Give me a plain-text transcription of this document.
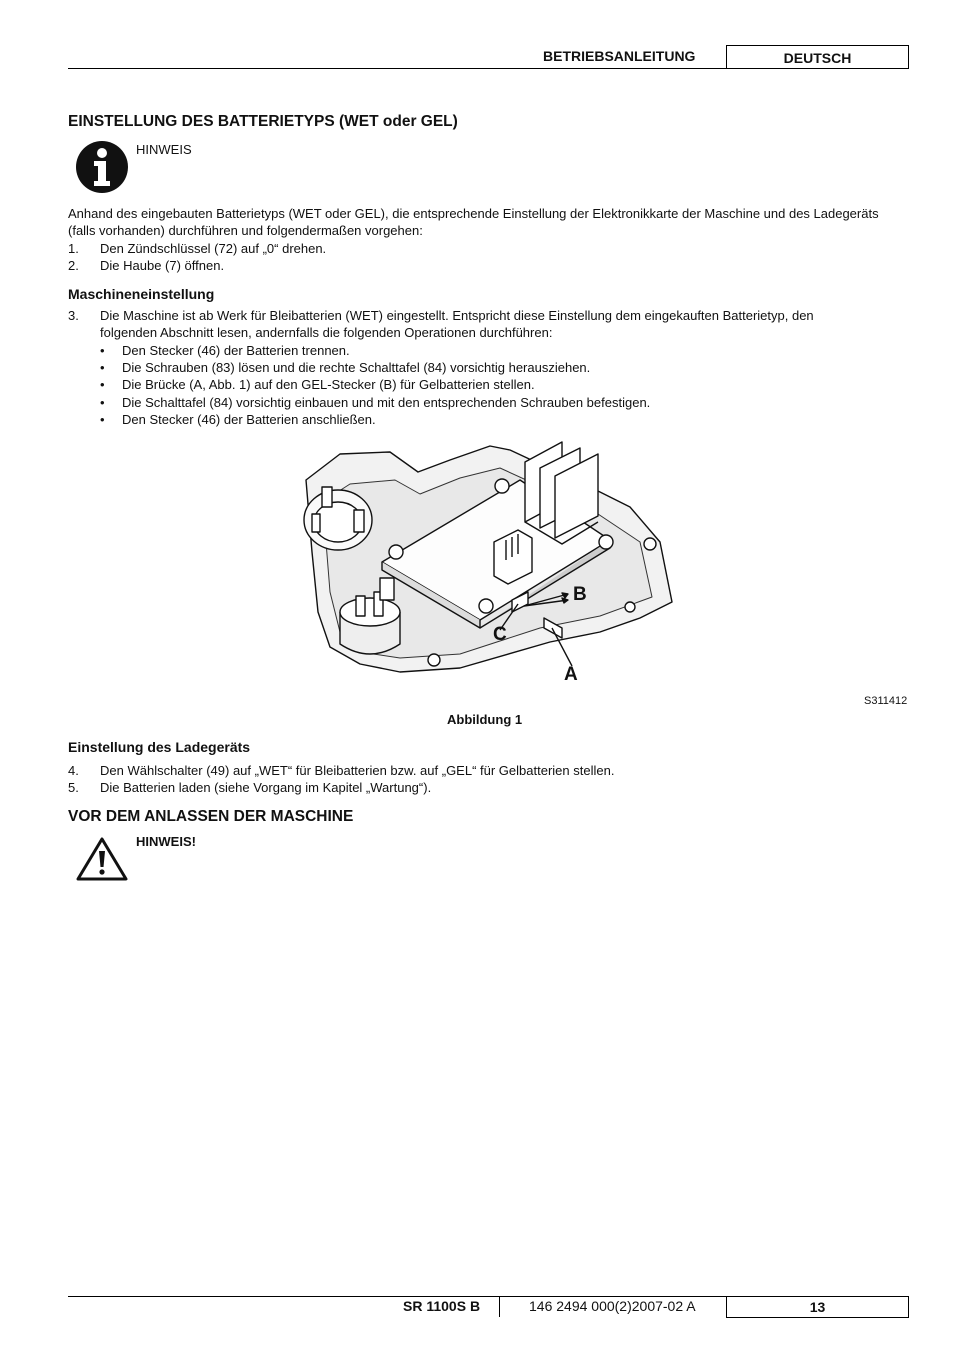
BETRIEBSANLEITUNG	DEUTSCH
EINSTELLUNG DES BATTERIETYPS (WET oder GEL)
HINWEIS

Anhand des eingebauten Batterietyps (WET oder GEL), die entsprechende Einstellung der Elektronikkarte der Maschine und des Ladegeräts (falls vorhanden) durchführen und folgendermaßen vorgehen:

1. Den Zündschlüssel (72) auf „0“ drehen.
2. Die Haube (7) öffnen.
Maschineneinstellung
3. Die Maschine ist ab Werk für Bleibatterien (WET) eingestellt. Entspricht diese Einstellung dem eingekauften Batterietyp, den
folgenden Abschnitt lesen, andernfalls die folgenden Operationen durchführen:
• Den Stecker (46) der Batterien trennen.
• Die Schrauben (83) lösen und die rechte Schalttafel (84) vorsichtig herausziehen.
• Die Brücke (A, Abb. 1) auf den GEL-Stecker (B) für Gelbatterien stellen.
• Die Schalttafel (84) vorsichtig einbauen und mit den entsprechenden Schrauben befestigen.
• Den Stecker (46) der Batterien anschließen.
B
C
A
S311412
Abbildung 1
Einstellung des Ladegeräts
4. Den Wählschalter (49) auf „WET“ für Bleibatterien bzw. auf „GEL“ für Gelbatterien stellen.
5. Die Batterien laden (siehe Vorgang im Kapitel „Wartung“).
VOR DEM ANLASSEN DER MASCHINE
HINWEIS!
SR 1100S B	146 2494 000(2)2007-02 A	13
